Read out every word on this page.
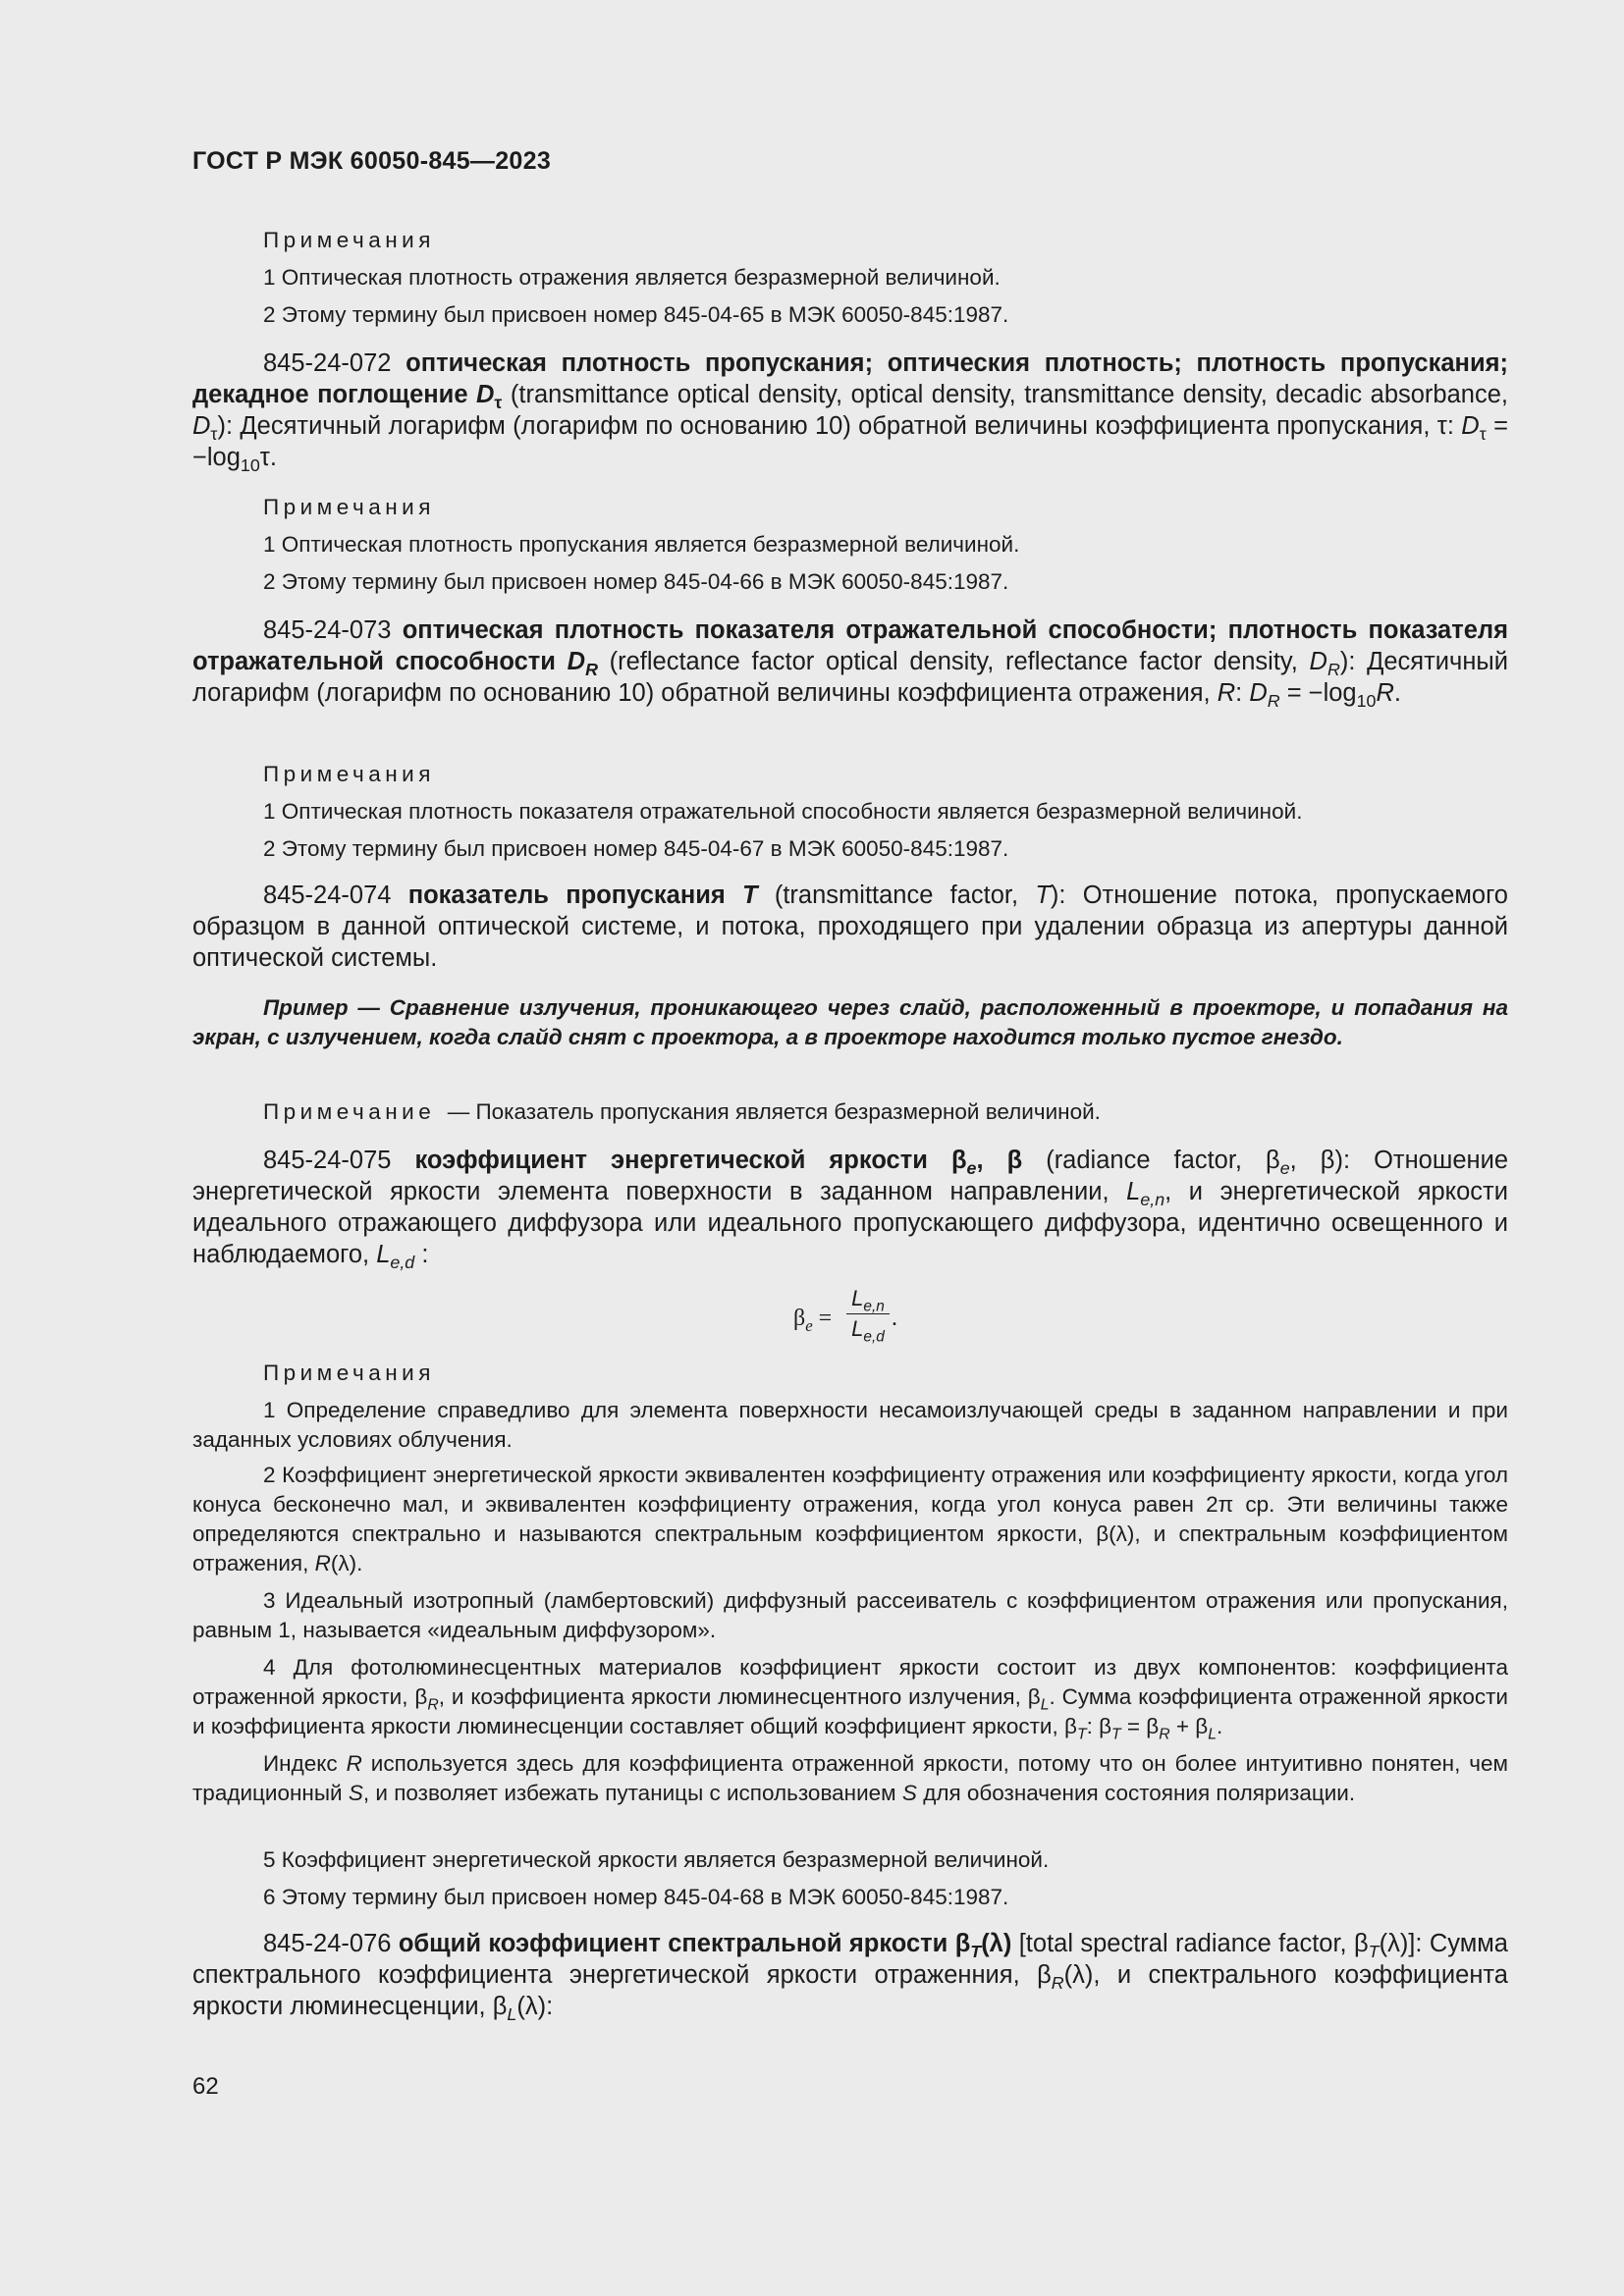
ГОСТ Р МЭК 60050-845—2023
Примечания
1 Оптическая плотность отражения является безразмерной величиной.
2 Этому термину был присвоен номер 845-04-65 в МЭК 60050-845:1987.
845-24-072 оптическая плотность пропускания; оптическия плотность; плотность пропускания; декадное поглощение $D_\tau$ (transmittance optical density, optical density, transmittance density, decadic absorbance, $D_\tau$): Десятичный логарифм (логарифм по основанию 10) обратной величины коэффициента пропускания, τ: $D_\tau = -\log_{10}\tau$.
Примечания
1 Оптическая плотность пропускания является безразмерной величиной.
2 Этому термину был присвоен номер 845-04-66 в МЭК 60050-845:1987.
845-24-073 оптическая плотность показателя отражательной способности; плотность показателя отражательной способности $D_R$ (reflectance factor optical density, reflectance factor density, $D_R$): Десятичный логарифм (логарифм по основанию 10) обратной величины коэффициента отражения, R: $D_R = -\log_{10}R$.
Примечания
1 Оптическая плотность показателя отражательной способности является безразмерной величиной.
2 Этому термину был присвоен номер 845-04-67 в МЭК 60050-845:1987.
845-24-074 показатель пропускания T (transmittance factor, T): Отношение потока, пропускаемого образцом в данной оптической системе, и потока, проходящего при удалении образца из апертуры данной оптической системы.
Пример — Сравнение излучения, проникающего через слайд, расположенный в проекторе, и попадания на экран, с излучением, когда слайд снят с проектора, а в проекторе находится только пустое гнездо.
Примечание — Показатель пропускания является безразмерной величиной.
845-24-075 коэффициент энергетической яркости $\beta_e$, β (radiance factor, $\beta_e$, β): Отношение энергетической яркости элемента поверхности в заданном направлении, $L_{e,n}$, и энергетической яркости идеального отражающего диффузора или идеального пропускающего диффузора, идентично освещенного и наблюдаемого, $L_{e,d}$ :
$\beta_e$ =
$L_{e,n}$
$L_{e,d}$
.
Примечания
1 Определение справедливо для элемента поверхности несамоизлучающей среды в заданном направлении и при заданных условиях облучения.
2 Коэффициент энергетической яркости эквивалентен коэффициенту отражения или коэффициенту яркости, когда угол конуса бесконечно мал, и эквивалентен коэффициенту отражения, когда угол конуса равен 2π ср. Эти величины также определяются спектрально и называются спектральным коэффициентом яркости, β(λ), и спектральным коэффициентом отражения, R(λ).
3 Идеальный изотропный (ламбертовский) диффузный рассеиватель с коэффициентом отражения или пропускания, равным 1, называется «идеальным диффузором».
4 Для фотолюминесцентных материалов коэффициент яркости состоит из двух компонентов: коэффициента отраженной яркости, $\beta_R$, и коэффициента яркости люминесцентного излучения, $\beta_L$. Сумма коэффициента отраженной яркости и коэффициента яркости люминесценции составляет общий коэффициент яркости, $\beta_T$: $\beta_T = \beta_R + \beta_L$.
Индекс R используется здесь для коэффициента отраженной яркости, потому что он более интуитивно понятен, чем традиционный S, и позволяет избежать путаницы с использованием S для обозначения состояния поляризации.
5 Коэффициент энергетической яркости является безразмерной величиной.
6 Этому термину был присвоен номер 845-04-68 в МЭК 60050-845:1987.
845-24-076 общий коэффициент спектральной яркости $\beta_T(\lambda)$ [total spectral radiance factor, $\beta_T(\lambda)$]: Сумма спектрального коэффициента энергетической яркости отраженния, $\beta_R(\lambda)$, и спектрального коэффициента яркости люминесценции, $\beta_L(\lambda)$:
62
